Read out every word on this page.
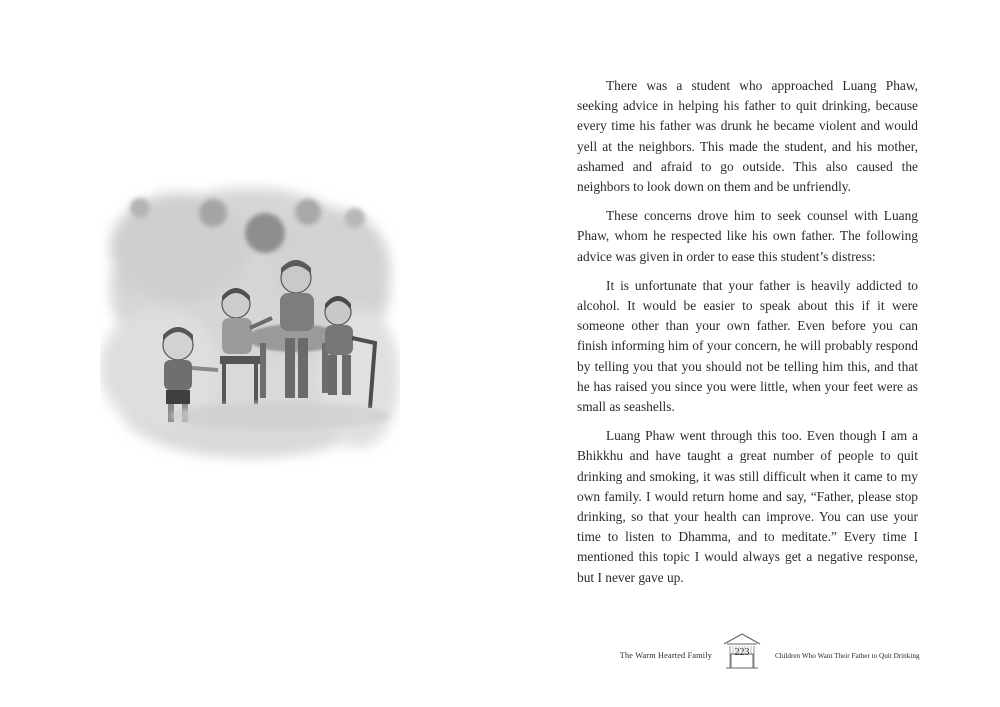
There was a student who approached Luang Phaw, seeking advice in helping his father to quit drinking, because every time his father was drunk he became violent and would yell at the neighbors. This made the student, and his mother, ashamed and afraid to go outside. This also caused the neighbors to look down on them and be unfriendly.

These concerns drove him to seek counsel with Luang Phaw, whom he respected like his own father. The following advice was given in order to ease this student’s distress:

It is unfortunate that your father is heavily addicted to alcohol. It would be easier to speak about this if it were someone other than your own father. Even before you can finish informing him of your concern, he will probably respond by telling you that you should not be telling him this, and that he has raised you since you were little, when your feet were as small as seashells.

Luang Phaw went through this too. Even though I am a Bhikkhu and have taught a great number of people to quit drinking and smoking, it was still difficult when it came to my own family. I would return home and say, “Father, please stop drinking, so that your health can improve. You can use your time to listen to Dhamma, and to meditate.” Every time I mentioned this topic I would always get a negative response, but I never gave up.

The Warm Hearted Family	223	Children Who Want Their Father to Quit Drinking
